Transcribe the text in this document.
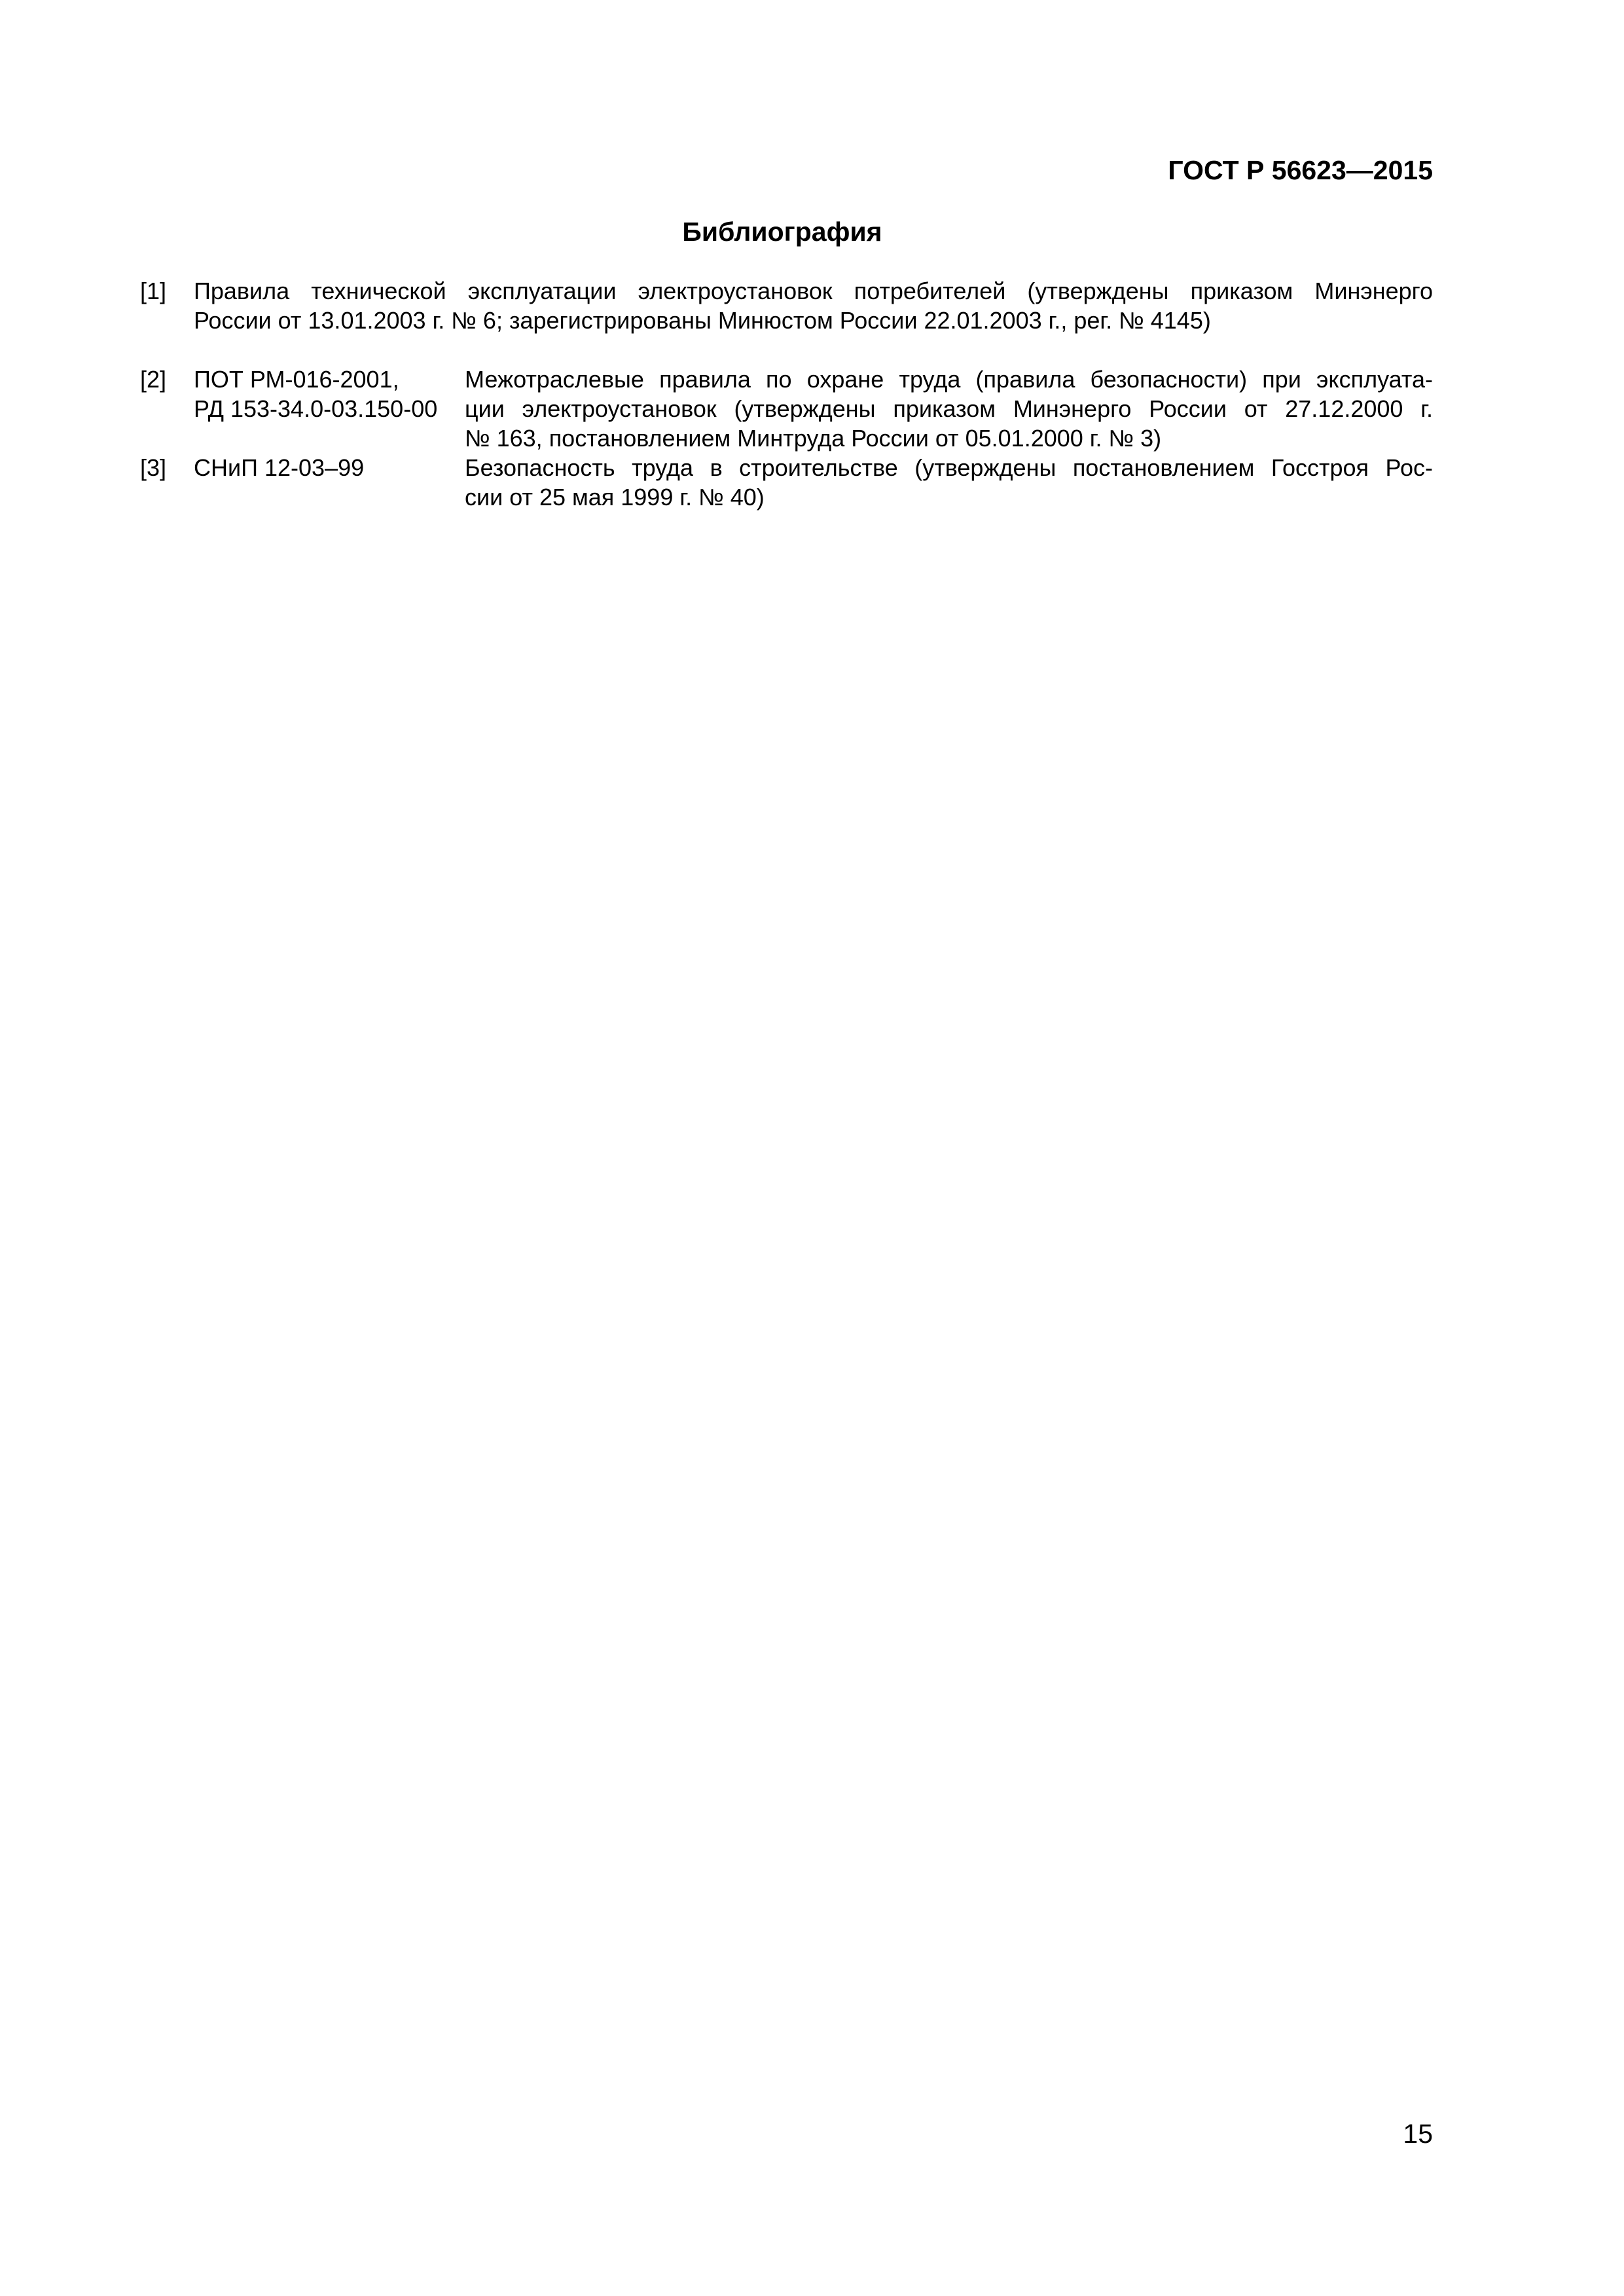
ГОСТ Р 56623—2015
Библиография
[1] Правила технической эксплуатации электроустановок потребителей (утверждены приказом Минэнерго
России от 13.01.2003 г. № 6; зарегистрированы Минюстом России 22.01.2003 г., рег. № 4145)
[2] ПОТ РМ-016-2001,
РД 153-34.0-03.150-00
Межотраслевые правила по охране труда (правила безопасности) при эксплуата-
ции электроустановок (утверждены приказом Минэнерго России от 27.12.2000 г.
№ 163, постановлением Минтруда России от 05.01.2000 г. № 3)
[3] СНиП 12-03–99	Безопасность труда в строительстве (утверждены постановлением Госстроя Рос-
сии от 25 мая 1999 г. № 40)
15
